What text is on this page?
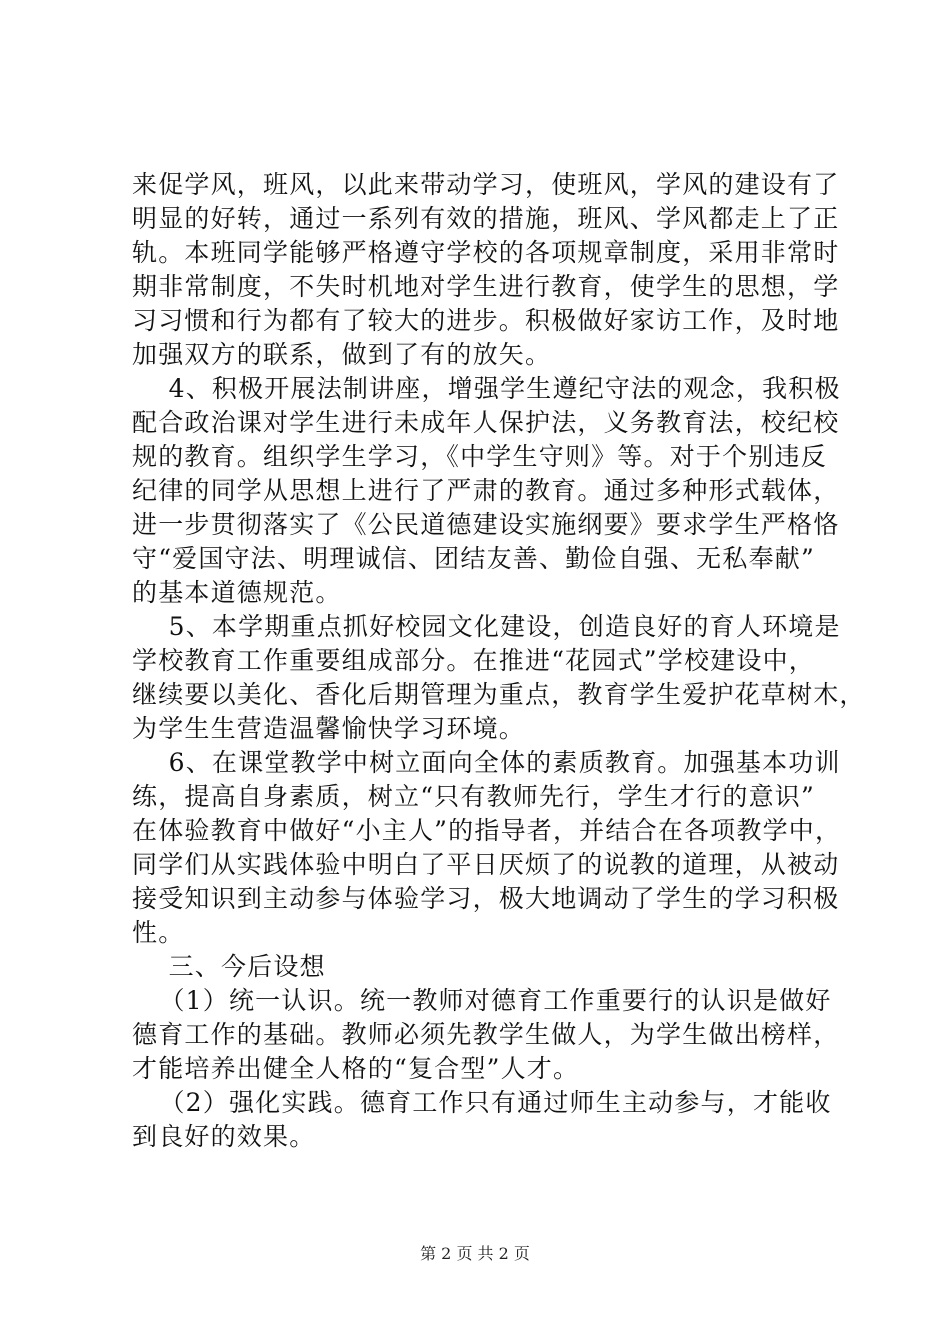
来促学风，班风，以此来带动学习，使班风，学风的建设有了
明显的好转，通过一系列有效的措施，班风、学风都走上了正
轨。本班同学能够严格遵守学校的各项规章制度，采用非常时
期非常制度，不失时机地对学生进行教育，使学生的思想，学
习习惯和行为都有了较大的进步。积极做好家访工作，及时地
加强双方的联系，做到了有的放矢。
4、积极开展法制讲座，增强学生遵纪守法的观念，我积极
配合政治课对学生进行未成年人保护法，义务教育法，校纪校
规的教育。组织学生学习，《中学生守则》等。对于个别违反
纪律的同学从思想上进行了严肃的教育。通过多种形式载体，
进一步贯彻落实了《公民道德建设实施纲要》要求学生严格恪
守“爱国守法、明理诚信、团结友善、勤俭自强、无私奉献”
的基本道德规范。
5、本学期重点抓好校园文化建设，创造良好的育人环境是
学校教育工作重要组成部分。在推进“花园式”学校建设中，
继续要以美化、香化后期管理为重点，教育学生爱护花草树木，
为学生生营造温馨愉快学习环境。
6、在课堂教学中树立面向全体的素质教育。加强基本功训
练，提高自身素质，树立“只有教师先行，学生才行的意识”
在体验教育中做好“小主人”的指导者，并结合在各项教学中，
同学们从实践体验中明白了平日厌烦了的说教的道理，从被动
接受知识到主动参与体验学习，极大地调动了学生的学习积极
性。
三、今后设想
（1）统一认识。统一教师对德育工作重要行的认识是做好
德育工作的基础。教师必须先教学生做人，为学生做出榜样，
才能培养出健全人格的“复合型”人才。
（2）强化实践。德育工作只有通过师生主动参与，才能收
到良好的效果。
第 2 页 共 2 页
